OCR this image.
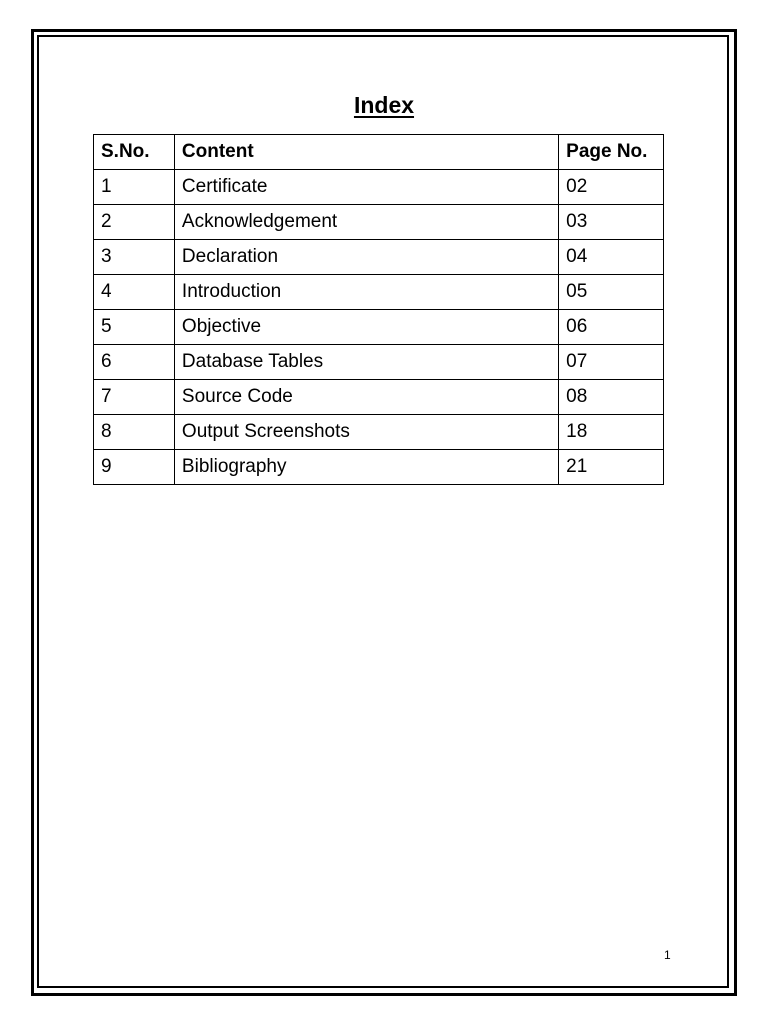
Index
S.No.	Content	Page No.
1	Certificate	02
2	Acknowledgement	03
3	Declaration	04
4	Introduction	05
5	Objective	06
6	Database Tables	07
7	Source Code	08
8	Output Screenshots	18
9	Bibliography	21
1
